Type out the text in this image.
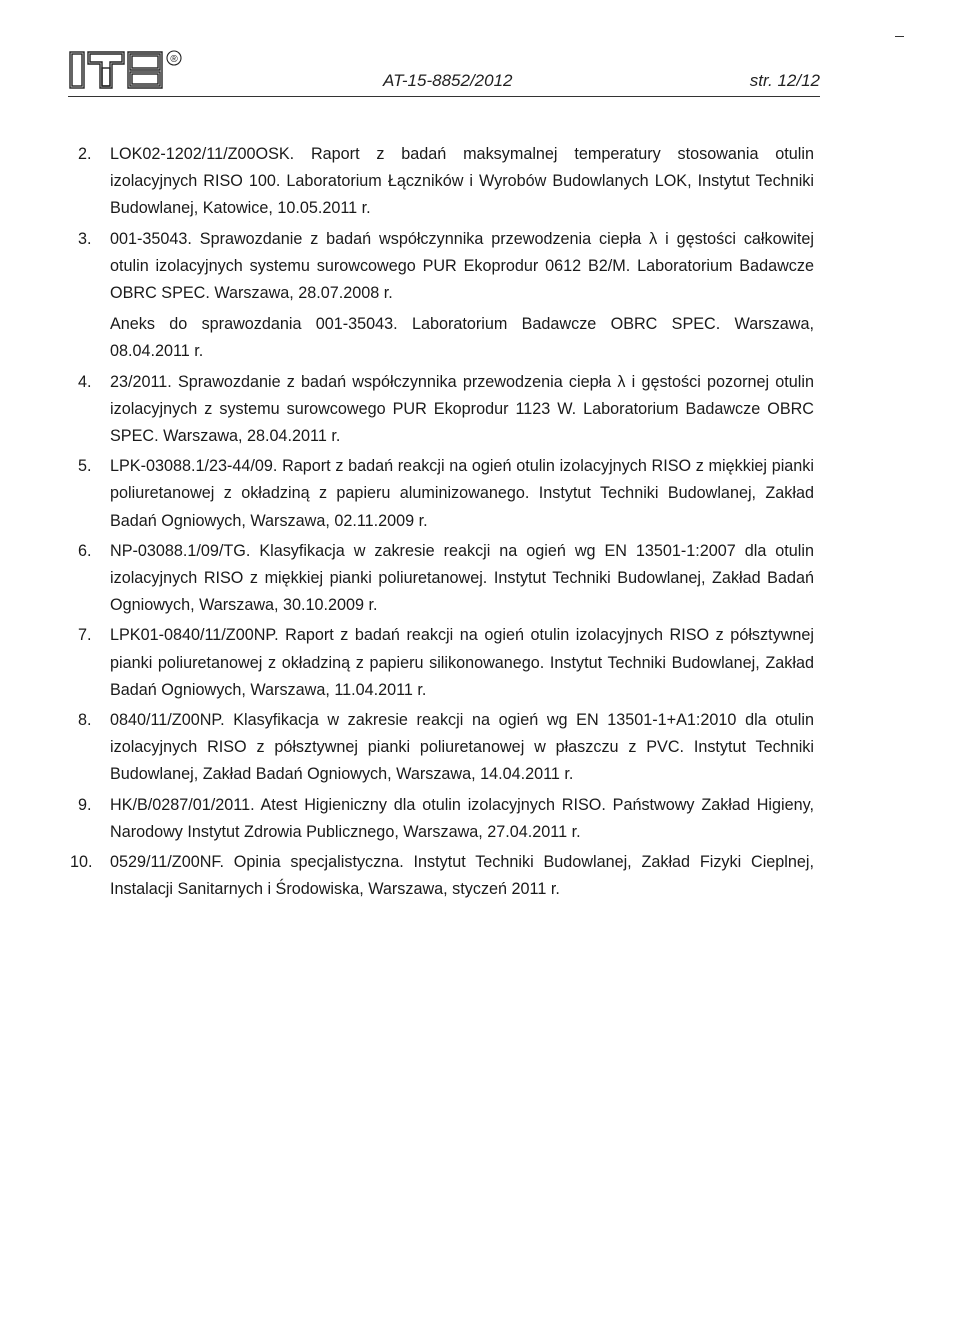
®
AT-15-8852/2012	str. 12/12
2.	LOK02-1202/11/Z00OSK. Raport z badań maksymalnej temperatury stosowania otulin izolacyjnych RISO 100. Laboratorium Łączników i Wyrobów Budowlanych LOK, Instytut Techniki Budowlanej, Katowice, 10.05.2011 r.
3.	001-35043. Sprawozdanie z badań współczynnika przewodzenia ciepła λ i gęstości całkowitej otulin izolacyjnych systemu surowcowego PUR Ekoprodur 0612 B2/M. Laboratorium Badawcze OBRC SPEC. Warszawa, 28.07.2008 r.
Aneks do sprawozdania 001-35043. Laboratorium Badawcze OBRC SPEC. Warszawa, 08.04.2011 r.
4.	23/2011. Sprawozdanie z badań współczynnika przewodzenia ciepła λ i gęstości pozornej otulin izolacyjnych z systemu surowcowego PUR Ekoprodur 1123 W. Laboratorium Badawcze OBRC SPEC. Warszawa, 28.04.2011 r.
5.	LPK-03088.1/23-44/09. Raport z badań reakcji na ogień otulin izolacyjnych RISO z miękkiej pianki poliuretanowej z okładziną z papieru aluminizowanego. Instytut Techniki Budowlanej, Zakład Badań Ogniowych, Warszawa, 02.11.2009 r.
6.	NP-03088.1/09/TG. Klasyfikacja w zakresie reakcji na ogień wg EN 13501-1:2007 dla otulin izolacyjnych RISO z miękkiej pianki poliuretanowej. Instytut Techniki Budowlanej, Zakład Badań Ogniowych, Warszawa, 30.10.2009 r.
7.	LPK01-0840/11/Z00NP. Raport z badań reakcji na ogień otulin izolacyjnych RISO z półsztywnej pianki poliuretanowej z okładziną z papieru silikonowanego. Instytut Techniki Budowlanej, Zakład Badań Ogniowych, Warszawa, 11.04.2011 r.
8.	0840/11/Z00NP. Klasyfikacja w zakresie reakcji na ogień wg EN 13501-1+A1:2010 dla otulin izolacyjnych RISO z półsztywnej pianki poliuretanowej w płaszczu z PVC. Instytut Techniki Budowlanej, Zakład Badań Ogniowych, Warszawa, 14.04.2011 r.
9.	HK/B/0287/01/2011. Atest Higieniczny dla otulin izolacyjnych RISO. Państwowy Zakład Higieny, Narodowy Instytut Zdrowia Publicznego, Warszawa, 27.04.2011 r.
10.	0529/11/Z00NF. Opinia specjalistyczna. Instytut Techniki Budowlanej, Zakład Fizyki Cieplnej, Instalacji Sanitarnych i Środowiska, Warszawa, styczeń 2011 r.
